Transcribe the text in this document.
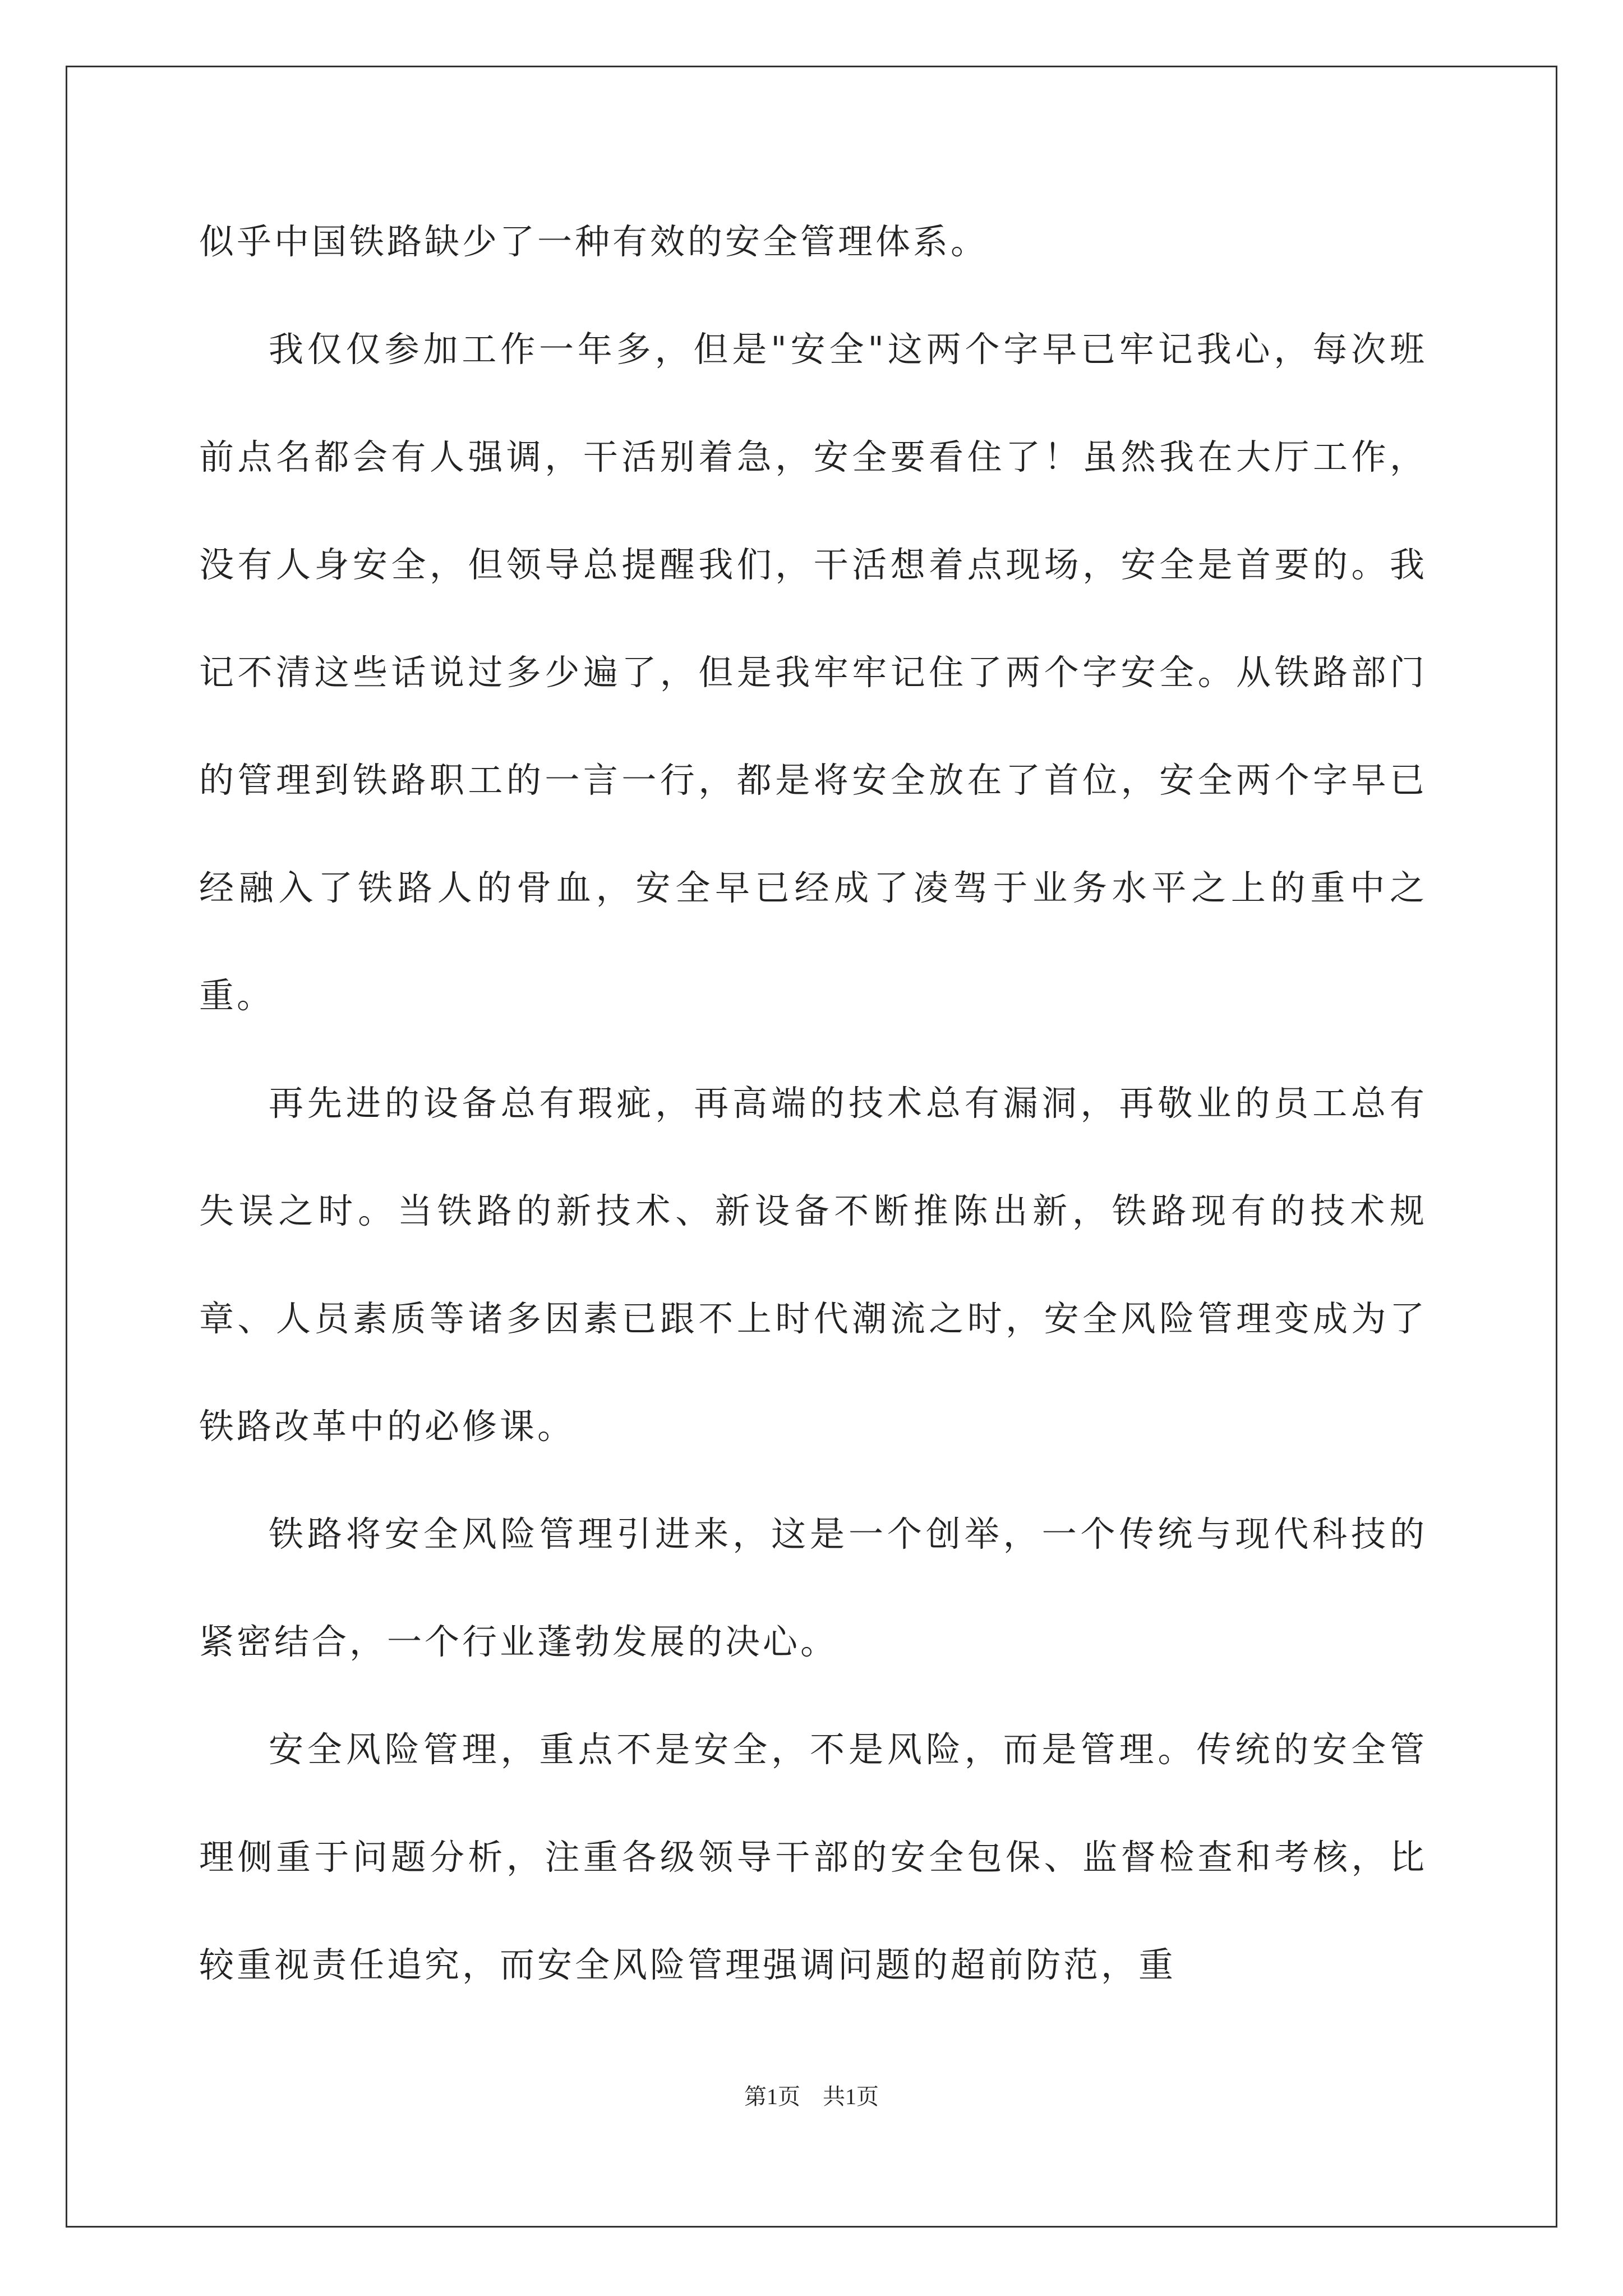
似乎中国铁路缺少了一种有效的安全管理体系。

我仅仅参加工作一年多，但是"安全"这两个字早已牢记我心，每次班前点名都会有人强调，干活别着急，安全要看住了！虽然我在大厅工作，没有人身安全，但领导总提醒我们，干活想着点现场，安全是首要的。我记不清这些话说过多少遍了，但是我牢牢记住了两个字安全。从铁路部门的管理到铁路职工的一言一行，都是将安全放在了首位，安全两个字早已经融入了铁路人的骨血，安全早已经成了凌驾于业务水平之上的重中之重。

再先进的设备总有瑕疵，再高端的技术总有漏洞，再敬业的员工总有失误之时。当铁路的新技术、新设备不断推陈出新，铁路现有的技术规章、人员素质等诸多因素已跟不上时代潮流之时，安全风险管理变成为了铁路改革中的必修课。

铁路将安全风险管理引进来，这是一个创举，一个传统与现代科技的紧密结合，一个行业蓬勃发展的决心。

安全风险管理，重点不是安全，不是风险，而是管理。传统的安全管理侧重于问题分析，注重各级领导干部的安全包保、监督检查和考核，比较重视责任追究，而安全风险管理强调问题的超前防范，重

第1页 共1页
